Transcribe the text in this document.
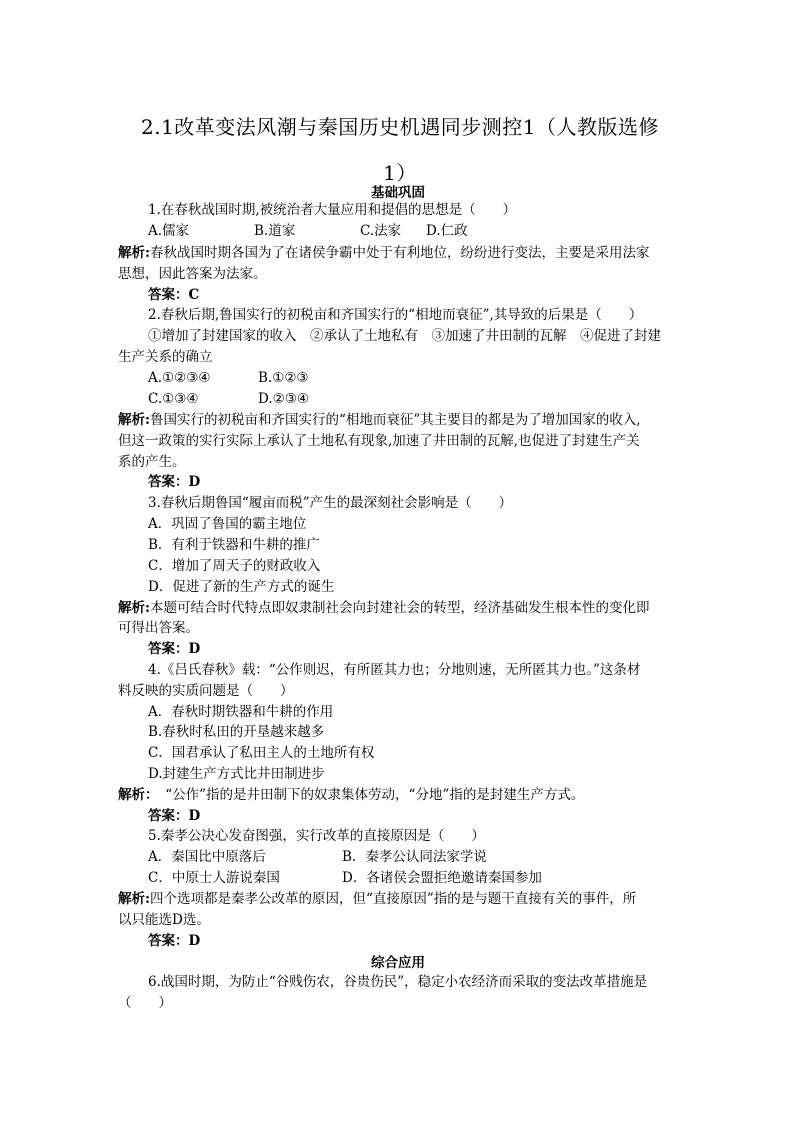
2.1改革变法风潮与秦国历史机遇同步测控1（人教版选修
1）
基础巩固
1.在春秋战国时期,被统治者大量应用和提倡的思想是（　　）
A.儒家	B.道家	C.法家 D.仁政
解析:春秋战国时期各国为了在诸侯争霸中处于有利地位，纷纷进行变法，主要是采用法家
思想，因此答案为法家。
答案：C
2.春秋后期,鲁国实行的初税亩和齐国实行的“相地而衰征”,其导致的后果是（　　）
①增加了封建国家的收入　②承认了土地私有　③加速了井田制的瓦解　④促进了封建
生产关系的确立
A.①②③④	B.①②③
C.①③④	D.②③④
解析:鲁国实行的初税亩和齐国实行的“相地而衰征”其主要目的都是为了增加国家的收入,
但这一政策的实行实际上承认了土地私有现象,加速了井田制的瓦解,也促进了封建生产关
系的产生。
答案：D
3.春秋后期鲁国“履亩而税”产生的最深刻社会影响是（　　）
A．巩固了鲁国的霸主地位
B．有利于铁器和牛耕的推广
C．增加了周天子的财政收入
D．促进了新的生产方式的诞生
解析:本题可结合时代特点即奴隶制社会向封建社会的转型，经济基础发生根本性的变化即
可得出答案。
答案：D
4.《吕氏春秋》载：“公作则迟，有所匿其力也；分地则速，无所匿其力也。”这条材
料反映的实质问题是（　　）
A．春秋时期铁器和牛耕的作用
B.春秋时私田的开垦越来越多
C．国君承认了私田主人的土地所有权
D.封建生产方式比井田制进步
解析：　“公作”指的是井田制下的奴隶集体劳动，“分地”指的是封建生产方式。
答案：D
5.秦孝公决心发奋图强，实行改革的直接原因是（　　）
A．秦国比中原落后	B．秦孝公认同法家学说
C．中原士人游说秦国	D．各诸侯会盟拒绝邀请秦国参加
解析:四个选项都是秦孝公改革的原因，但“直接原因”指的是与题干直接有关的事件，所
以只能选D选。
答案：D
综合应用
6.战国时期，为防止“谷贱伤农，谷贵伤民”，稳定小农经济而采取的变法改革措施是
（　　）
